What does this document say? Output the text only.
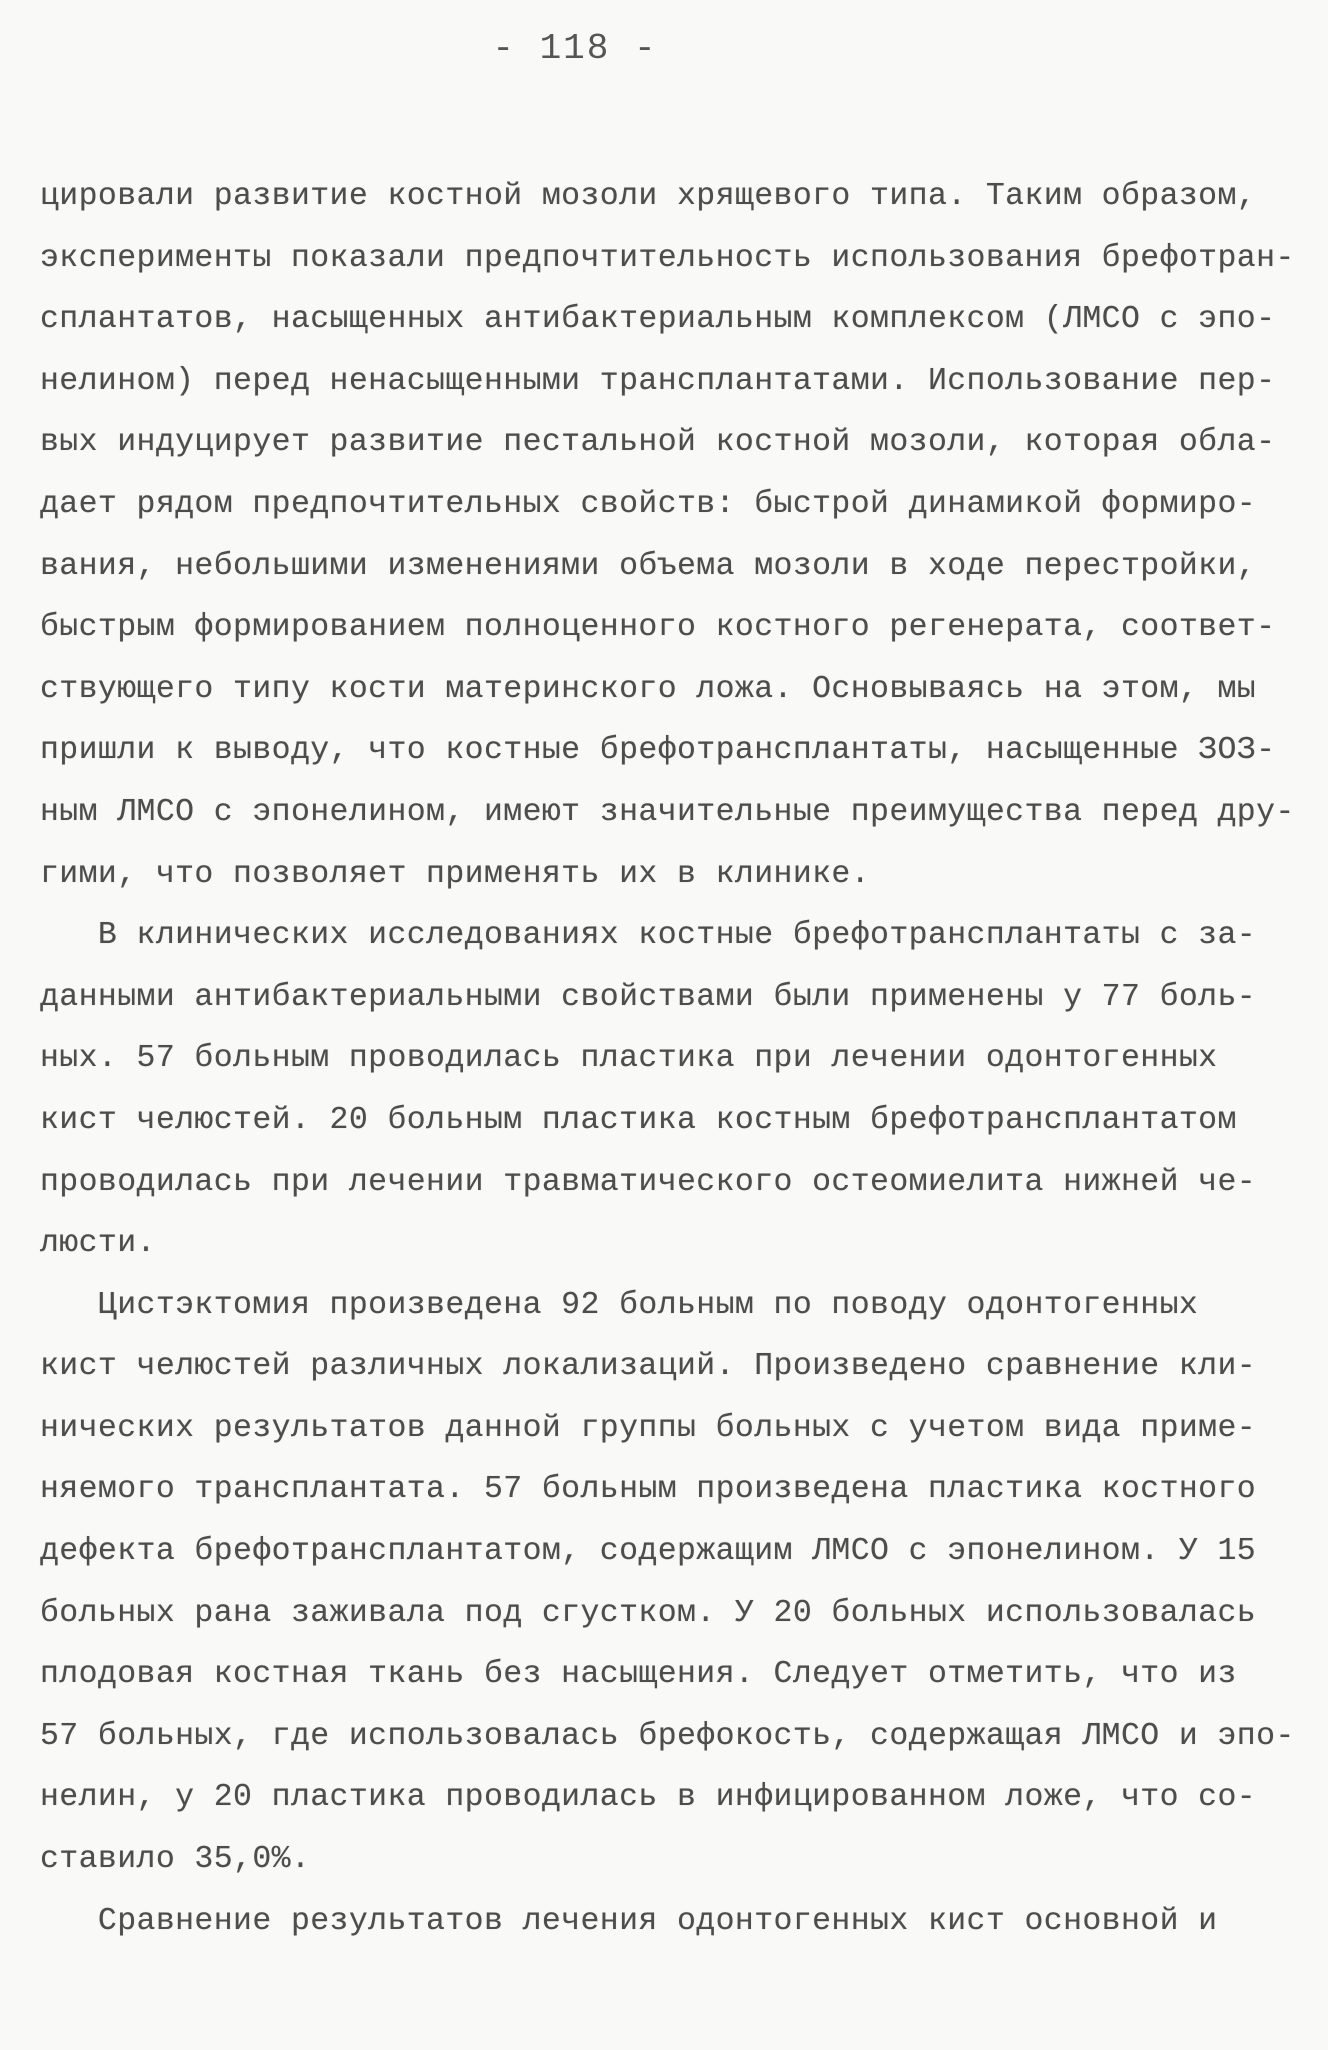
- 118 -
цировали развитие костной мозоли хрящевого типа. Таким образом,
эксперименты показали предпочтительность использования брефотран-
сплантатов, насыщенных антибактериальным комплексом (ЛМСО с эпо-
нелином) перед ненасыщенными трансплантатами. Использование пер-
вых индуцирует развитие пестальной костной мозоли, которая обла-
дает рядом предпочтительных свойств: быстрой динамикой формиро-
вания, небольшими изменениями объема мозоли в ходе перестройки,
быстрым формированием полноценного костного регенерата, соответ-
ствующего типу кости материнского ложа. Основываясь на этом, мы
пришли к выводу, что костные брефотрансплантаты, насыщенные ЗОЗ-
ным ЛМСО с эпонелином, имеют значительные преимущества перед дру-
гими, что позволяет применять их в клинике.
В клинических исследованиях костные брефотрансплантаты с за-
данными антибактериальными свойствами были применены у 77 боль-
ных. 57 больным проводилась пластика при лечении одонтогенных
кист челюстей. 20 больным пластика костным брефотрансплантатом
проводилась при лечении травматического остеомиелита нижней че-
люсти.
Цистэктомия произведена 92 больным по поводу одонтогенных
кист челюстей различных локализаций. Произведено сравнение кли-
нических результатов данной группы больных с учетом вида приме-
няемого трансплантата. 57 больным произведена пластика костного
дефекта брефотрансплантатом, содержащим ЛМСО с эпонелином. У 15
больных рана заживала под сгустком. У 20 больных использовалась
плодовая костная ткань без насыщения. Следует отметить, что из
57 больных, где использовалась брефокость, содержащая ЛМСО и эпо-
нелин, у 20 пластика проводилась в инфицированном ложе, что со-
ставило 35,0%.
Сравнение результатов лечения одонтогенных кист основной и
